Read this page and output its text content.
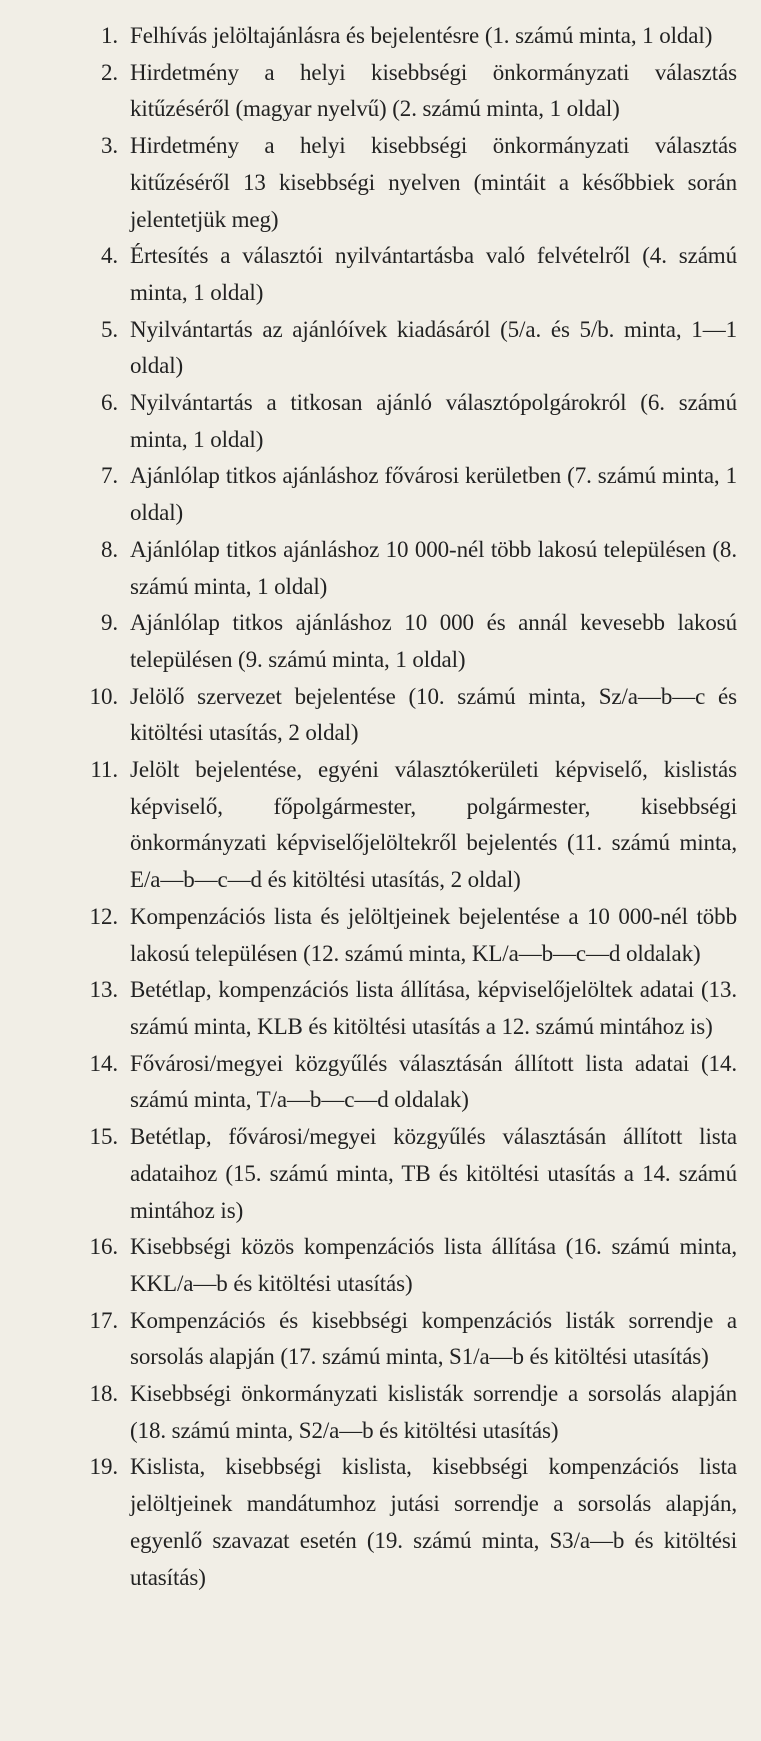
1. Felhívás jelöltajánlásra és bejelentésre (1. számú minta, 1 oldal)
2. Hirdetmény a helyi kisebbségi önkormányzati választás kitűzéséről (magyar nyelvű) (2. számú minta, 1 oldal)
3. Hirdetmény a helyi kisebbségi önkormányzati választás kitűzéséről 13 kisebbségi nyelven (mintáit a későbbiek során jelentetjük meg)
4. Értesítés a választói nyilvántartásba való felvételről (4. számú minta, 1 oldal)
5. Nyilvántartás az ajánlóívek kiadásáról (5/a. és 5/b. minta, 1—1 oldal)
6. Nyilvántartás a titkosan ajánló választópolgárokról (6. számú minta, 1 oldal)
7. Ajánlólap titkos ajánláshoz fővárosi kerületben (7. számú minta, 1 oldal)
8. Ajánlólap titkos ajánláshoz 10 000-nél több lakosú településen (8. számú minta, 1 oldal)
9. Ajánlólap titkos ajánláshoz 10 000 és annál kevesebb lakosú településen (9. számú minta, 1 oldal)
10. Jelölő szervezet bejelentése (10. számú minta, Sz/a—b—c és kitöltési utasítás, 2 oldal)
11. Jelölt bejelentése, egyéni választókerületi képviselő, kislistás képviselő, főpolgármester, polgármester, kisebbségi önkormányzati képviselőjelöltekről bejelentés (11. számú minta, E/a—b—c—d és kitöltési utasítás, 2 oldal)
12. Kompenzációs lista és jelöltjeinek bejelentése a 10 000-nél több lakosú településen (12. számú minta, KL/a—b—c—d oldalak)
13. Betétlap, kompenzációs lista állítása, képviselőjelöltek adatai (13. számú minta, KLB és kitöltési utasítás a 12. számú mintához is)
14. Fővárosi/megyei közgyűlés választásán állított lista adatai (14. számú minta, T/a—b—c—d oldalak)
15. Betétlap, fővárosi/megyei közgyűlés választásán állított lista adataihoz (15. számú minta, TB és kitöltési utasítás a 14. számú mintához is)
16. Kisebbségi közös kompenzációs lista állítása (16. számú minta, KKL/a—b és kitöltési utasítás)
17. Kompenzációs és kisebbségi kompenzációs listák sorrendje a sorsolás alapján (17. számú minta, S1/a—b és kitöltési utasítás)
18. Kisebbségi önkormányzati kislisták sorrendje a sorsolás alapján (18. számú minta, S2/a—b és kitöltési utasítás)
19. Kislista, kisebbségi kislista, kisebbségi kompenzációs lista jelöltjeinek mandátumhoz jutási sorrendje a sorsolás alapján, egyenlő szavazat esetén (19. számú minta, S3/a—b és kitöltési utasítás)
